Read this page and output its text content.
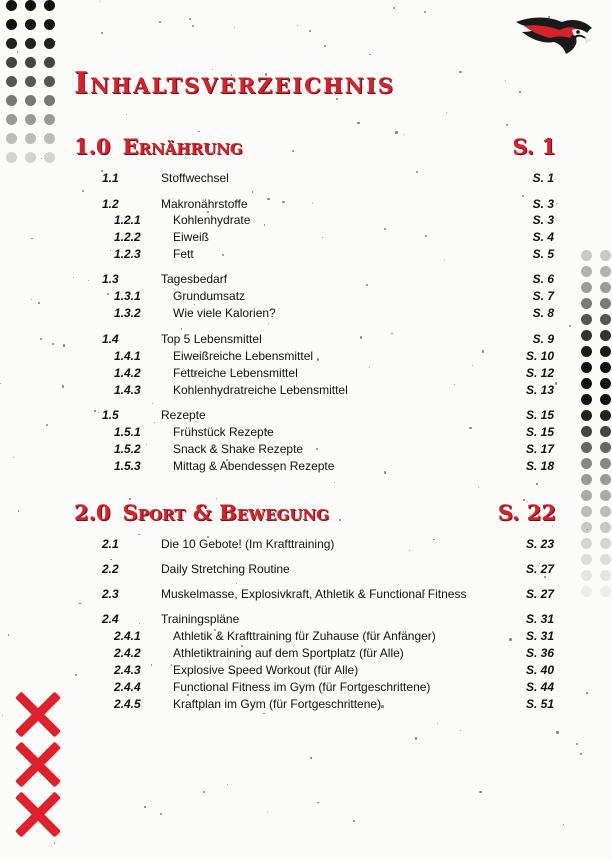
Inhaltsverzeichnis
1.0 Ernährung	S. 1
1.1	Stoffwechsel	S. 1
1.2	Makronährstoffe	S. 3
1.2.1	Kohlenhydrate	S. 3
1.2.2	Eiweiß	S. 4
1.2.3	Fett	S. 5
1.3	Tagesbedarf	S. 6
1.3.1	Grundumsatz	S. 7
1.3.2	Wie viele Kalorien?	S. 8
1.4	Top 5 Lebensmittel	S. 9
1.4.1	Eiweißreiche Lebensmittel	S. 10
1.4.2	Fettreiche Lebensmittel	S. 12
1.4.3	Kohlenhydratreiche Lebensmittel	S. 13
1.5	Rezepte	S. 15
1.5.1	Frühstück Rezepte	S. 15
1.5.2	Snack & Shake Rezepte	S. 17
1.5.3	Mittag & Abendessen Rezepte	S. 18
2.0 Sport & Bewegung	S. 22
2.1	Die 10 Gebote! (Im Krafttraining)	S. 23
2.2	Daily Stretching Routine	S. 27
2.3	Muskelmasse, Explosivkraft, Athletik & Functional Fitness	S. 27
2.4	Trainingspläne	S. 31
2.4.1	Athletik & Krafttraining für Zuhause (für Anfänger)	S. 31
2.4.2	Athletiktraining auf dem Sportplatz (für Alle)	S. 36
2.4.3	Explosive Speed Workout (für Alle)	S. 40
2.4.4	Functional Fitness im Gym (für Fortgeschrittene)	S. 44
2.4.5	Kraftplan im Gym (für Fortgeschrittene)	S. 51
